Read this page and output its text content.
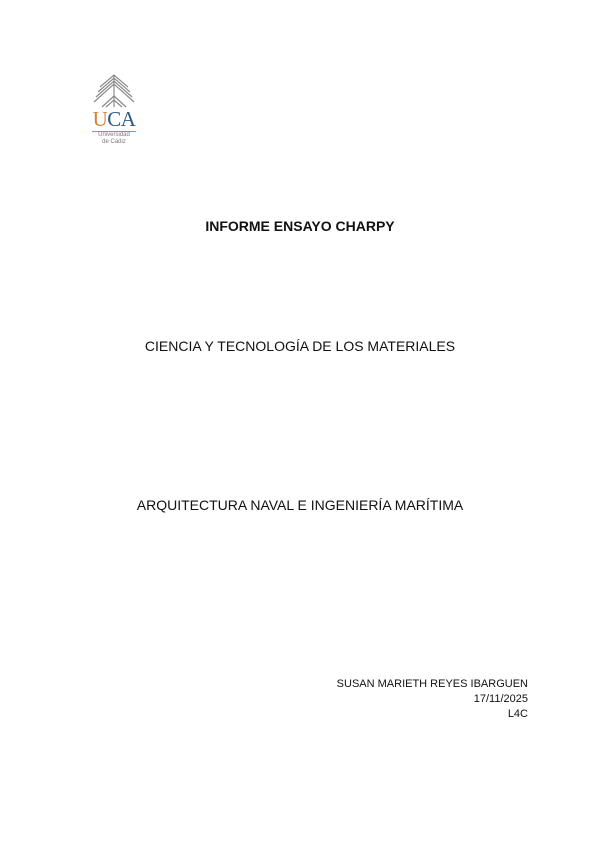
UCA
Universidad
de Cádiz
INFORME ENSAYO CHARPY
CIENCIA Y TECNOLOGÍA DE LOS MATERIALES
ARQUITECTURA NAVAL E INGENIERÍA MARÍTIMA
SUSAN MARIETH REYES IBARGUEN
17/11/2025
L4C
